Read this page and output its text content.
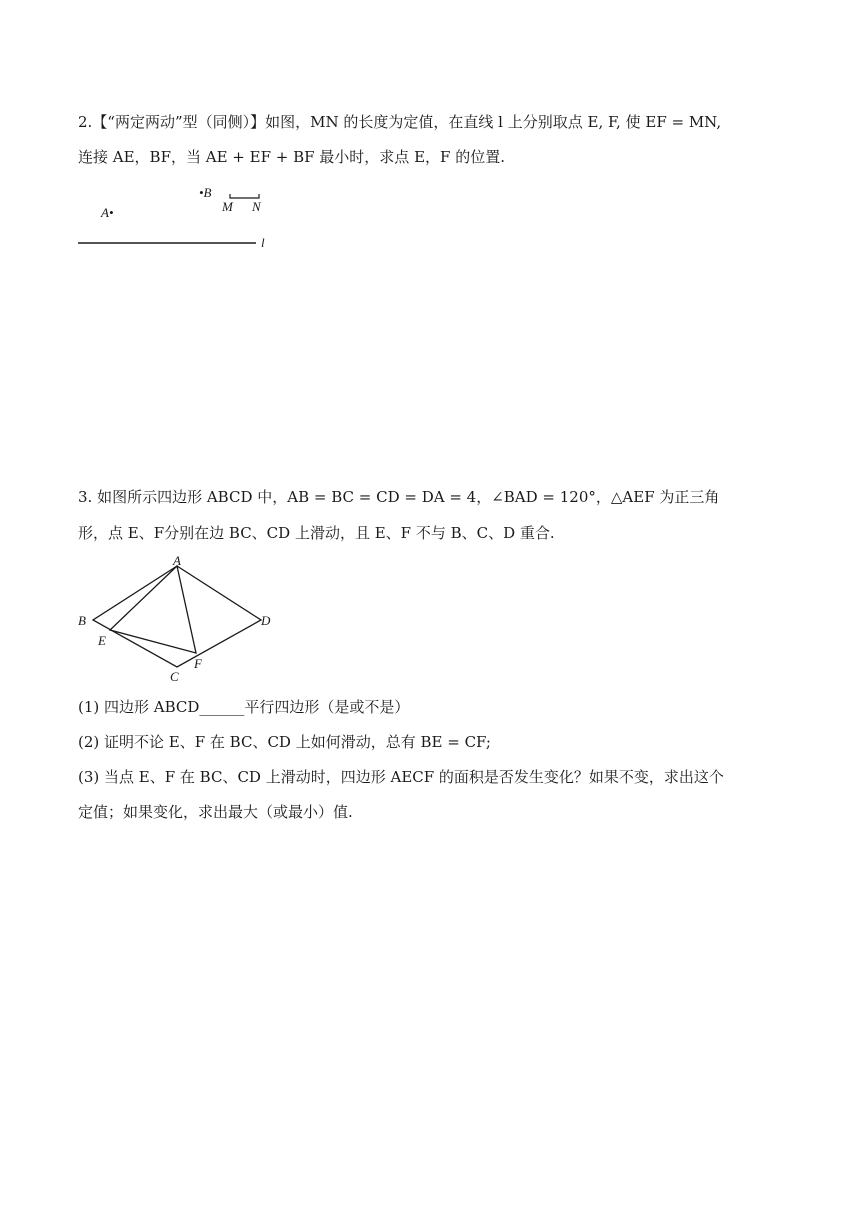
2.【“两定两动”型（同侧）】如图，MN 的长度为定值，在直线 l 上分别取点 E, F, 使 EF = MN,
连接 AE，BF，当 AE + EF + BF 最小时，求点 E，F 的位置.
A•
•B
M N
l
3. 如图所示四边形 ABCD 中，AB = BC = CD = DA = 4，∠BAD = 120°，△AEF 为正三角
形，点 E、F分别在边 BC、CD 上滑动，且 E、F 不与 B、C、D 重合.
A
B	D
E
F
C
(1) 四边形 ABCD______平行四边形（是或不是）
(2) 证明不论 E、F 在 BC、CD 上如何滑动，总有 BE = CF;
(3) 当点 E、F 在 BC、CD 上滑动时，四边形 AECF 的面积是否发生变化？如果不变，求出这个
定值；如果变化，求出最大（或最小）值.
